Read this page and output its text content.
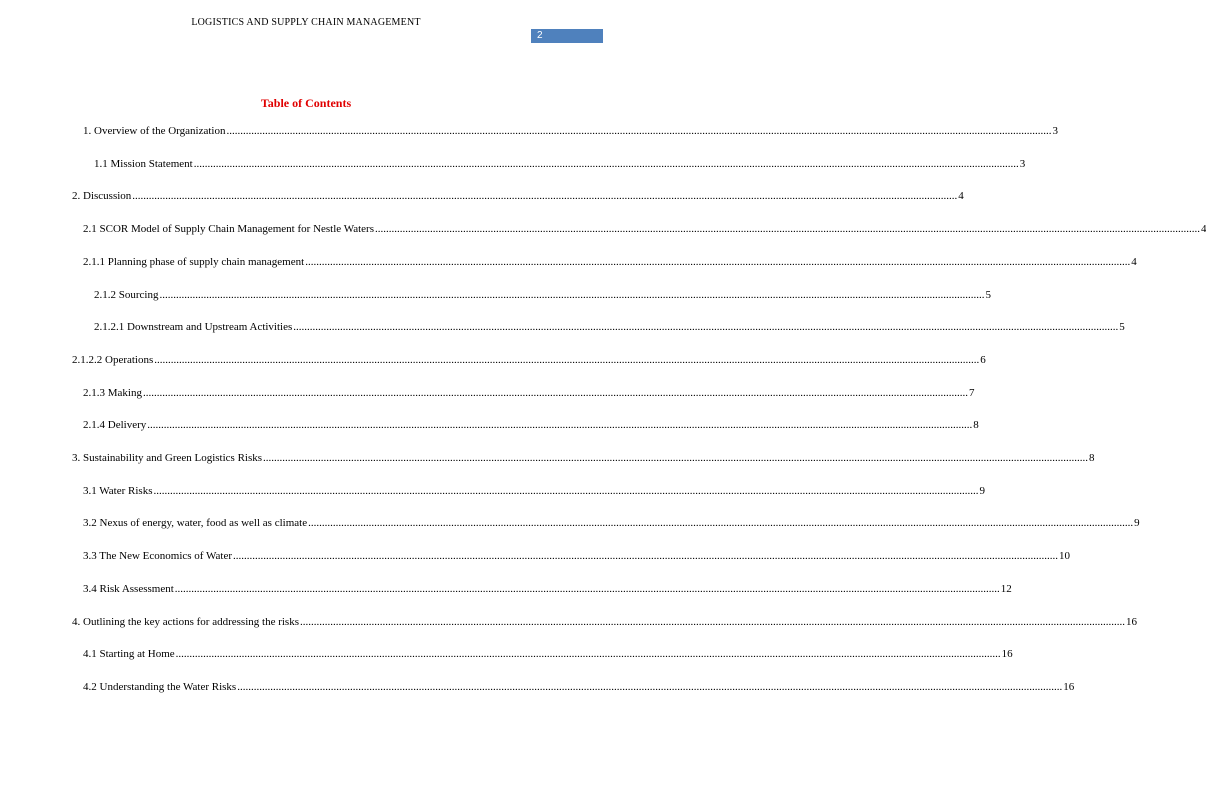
LOGISTICS AND SUPPLY CHAIN MANAGEMENT
2
Table of Contents
1. Overview of the Organization ............................................................................................................................................................................................................................................................................................................ 3
1.1 Mission Statement ............................................................................................................................................................................................................................................................................................................ 3
2. Discussion ............................................................................................................................................................................................................................................................................................................ 4
2.1 SCOR Model of Supply Chain Management for Nestle Waters ............................................................................................................................................................................................................................................................................................................ 4
2.1.1 Planning phase of supply chain management ............................................................................................................................................................................................................................................................................................................ 4
2.1.2 Sourcing ............................................................................................................................................................................................................................................................................................................ 5
2.1.2.1 Downstream and Upstream Activities ............................................................................................................................................................................................................................................................................................................ 5
2.1.2.2 Operations ............................................................................................................................................................................................................................................................................................................ 6
2.1.3 Making ............................................................................................................................................................................................................................................................................................................ 7
2.1.4 Delivery ............................................................................................................................................................................................................................................................................................................ 8
3. Sustainability and Green Logistics Risks ............................................................................................................................................................................................................................................................................................................ 8
3.1 Water Risks ............................................................................................................................................................................................................................................................................................................ 9
3.2 Nexus of energy, water, food as well as climate ............................................................................................................................................................................................................................................................................................................ 9
3.3 The New Economics of Water ............................................................................................................................................................................................................................................................................................................ 10
3.4 Risk Assessment ............................................................................................................................................................................................................................................................................................................ 12
4. Outlining the key actions for addressing the risks ............................................................................................................................................................................................................................................................................................................ 16
4.1 Starting at Home ............................................................................................................................................................................................................................................................................................................ 16
4.2 Understanding the Water Risks ............................................................................................................................................................................................................................................................................................................ 16
